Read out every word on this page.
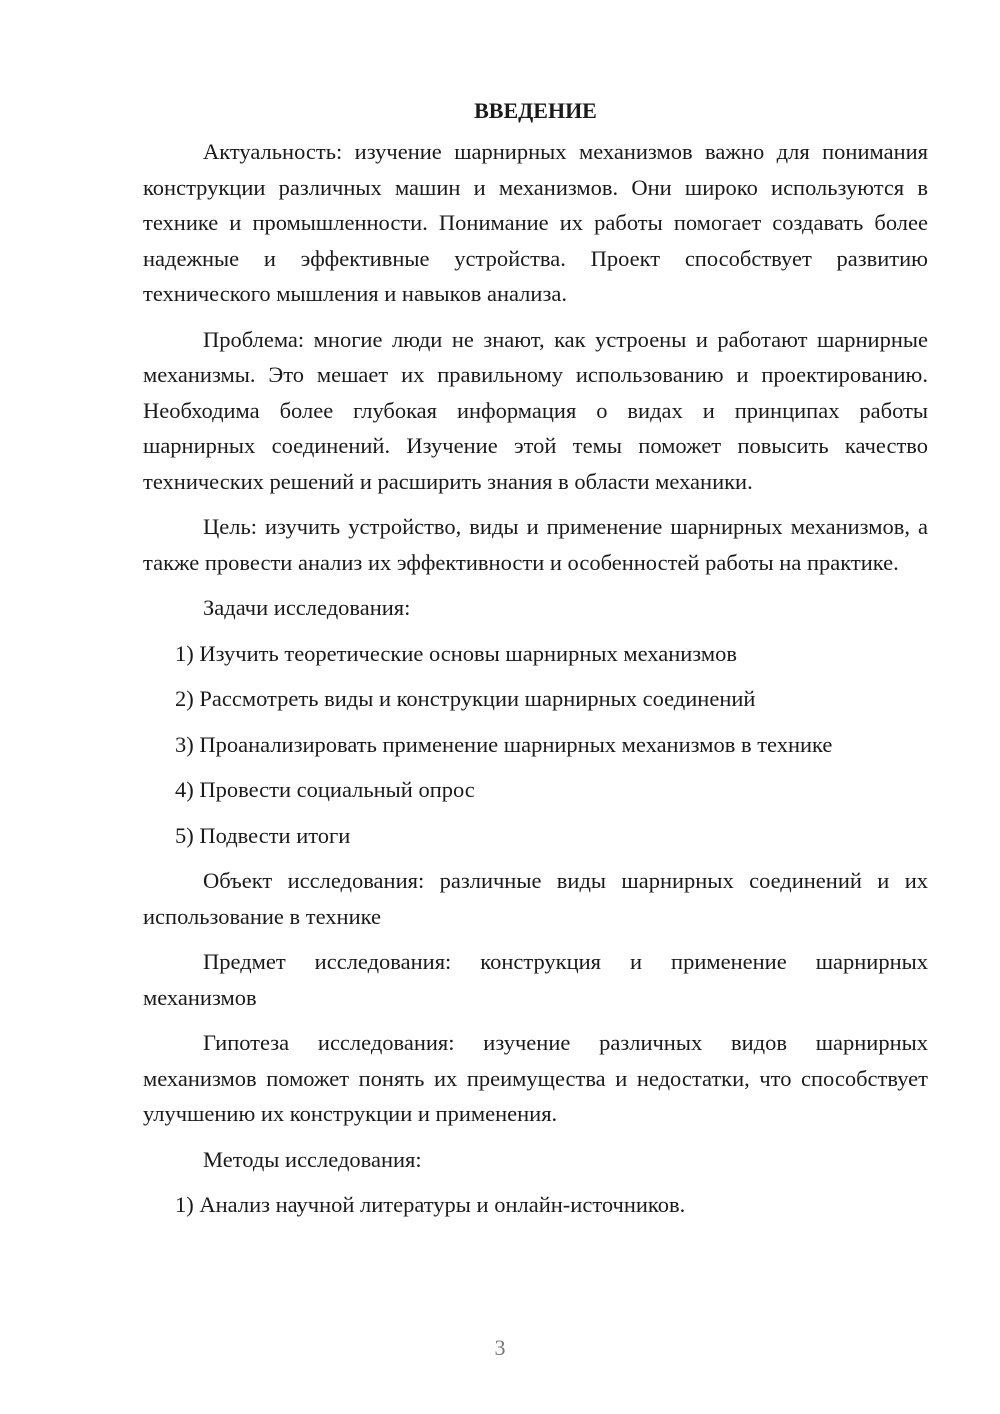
ВВЕДЕНИЕ

Актуальность: изучение шарнирных механизмов важно для понимания конструкции различных машин и механизмов. Они широко используются в технике и промышленности. Понимание их работы помогает создавать более надежные и эффективные устройства. Проект способствует развитию технического мышления и навыков анализа.

Проблема: многие люди не знают, как устроены и работают шарнирные механизмы. Это мешает их правильному использованию и проектированию. Необходима более глубокая информация о видах и принципах работы шарнирных соединений. Изучение этой темы поможет повысить качество технических решений и расширить знания в области механики.

Цель: изучить устройство, виды и применение шарнирных механизмов, а также провести анализ их эффективности и особенностей работы на практике.

Задачи исследования:

1) Изучить теоретические основы шарнирных механизмов

2) Рассмотреть виды и конструкции шарнирных соединений

3) Проанализировать применение шарнирных механизмов в технике

4) Провести социальный опрос

5) Подвести итоги

Объект исследования: различные виды шарнирных соединений и их использование в технике

Предмет исследования: конструкция и применение шарнирных механизмов

Гипотеза исследования: изучение различных видов шарнирных механизмов поможет понять их преимущества и недостатки, что способствует улучшению их конструкции и применения.

Методы исследования:

1) Анализ научной литературы и онлайн-источников.

3
